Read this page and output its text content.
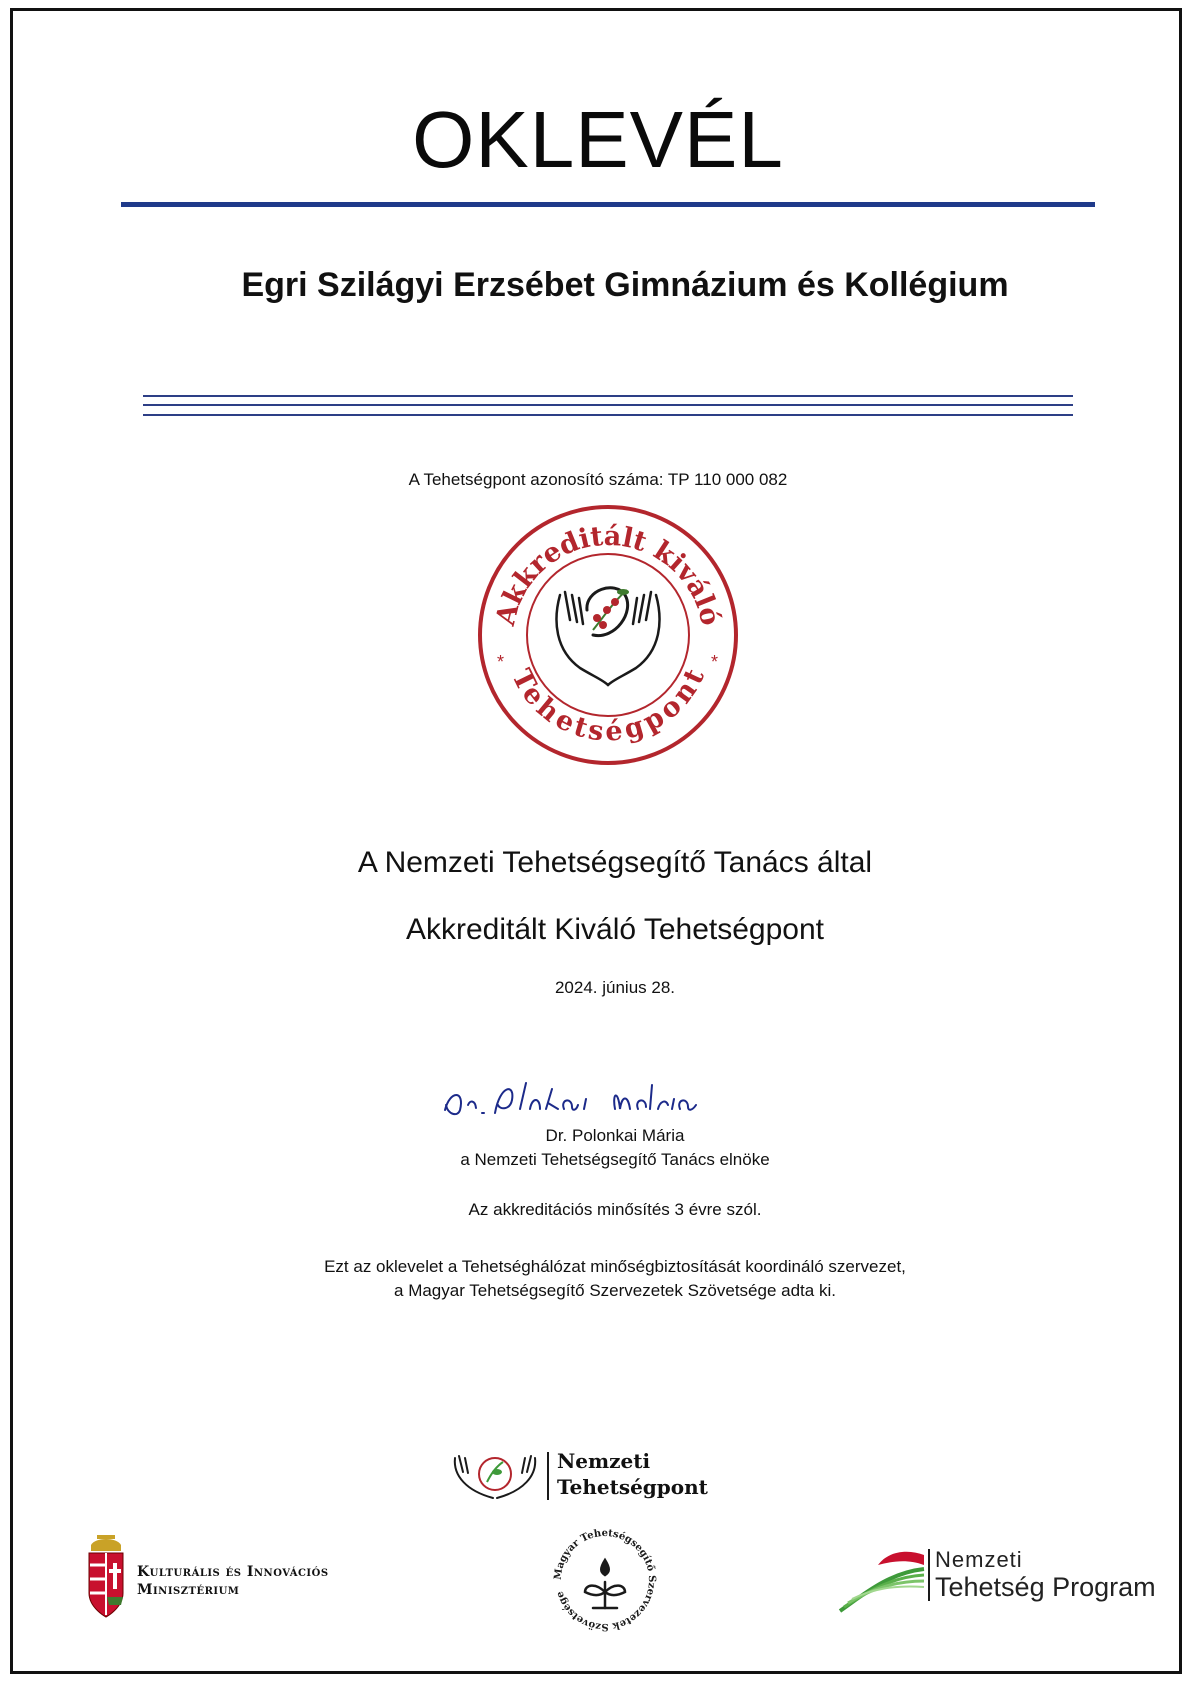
OKLEVÉL
Egri Szilágyi Erzsébet Gimnázium és Kollégium
A Tehetségpont azonosító száma: TP 110 000 082
Akkreditált kiváló
Tehetségpont
*	*
A Nemzeti Tehetségsegítő Tanács által
Akkreditált Kiváló Tehetségpont
2024. június 28.
Dr. Polonkai Mária
a Nemzeti Tehetségsegítő Tanács elnöke
Az akkreditációs minősítés 3 évre szól.
Ezt az oklevelet a Tehetséghálózat minőségbiztosítását koordináló szervezet,
a Magyar Tehetségsegítő Szervezetek Szövetsége adta ki.
Nemzeti
Tehetségpont
Kulturális és Innovációs
Minisztérium
Magyar Tehetségsegítő Szervezetek Szövetsége
Nemzeti
Tehetség Program
